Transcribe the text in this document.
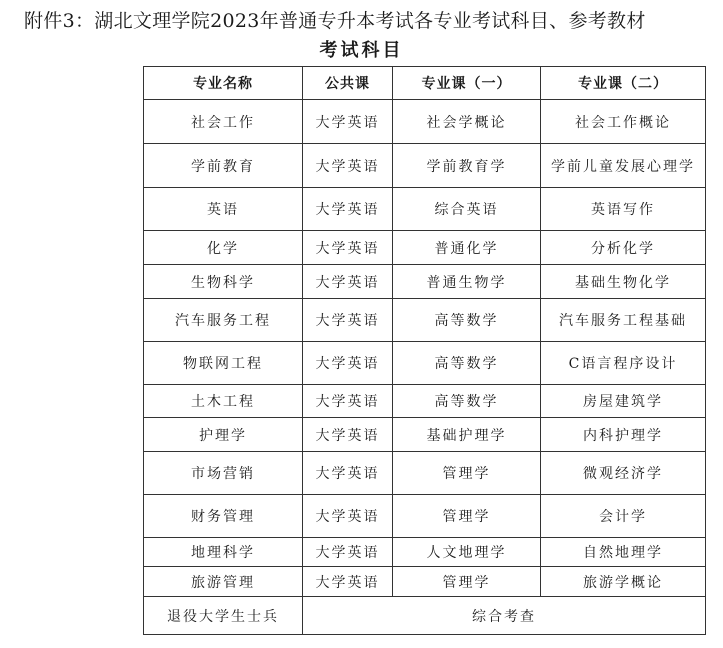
附件3：湖北文理学院2023年普通专升本考试各专业考试科目、参考教材
考试科目
专业名称	公共课	专业课（一）	专业课（二）
社会工作	大学英语	社会学概论	社会工作概论
学前教育	大学英语	学前教育学	学前儿童发展心理学
英语	大学英语	综合英语	英语写作
化学	大学英语	普通化学	分析化学
生物科学	大学英语	普通生物学	基础生物化学
汽车服务工程	大学英语	高等数学	汽车服务工程基础
物联网工程	大学英语	高等数学	C语言程序设计
土木工程	大学英语	高等数学	房屋建筑学
护理学	大学英语	基础护理学	内科护理学
市场营销	大学英语	管理学	微观经济学
财务管理	大学英语	管理学	会计学
地理科学	大学英语	人文地理学	自然地理学
旅游管理	大学英语	管理学	旅游学概论
退役大学生士兵	综合考查		
